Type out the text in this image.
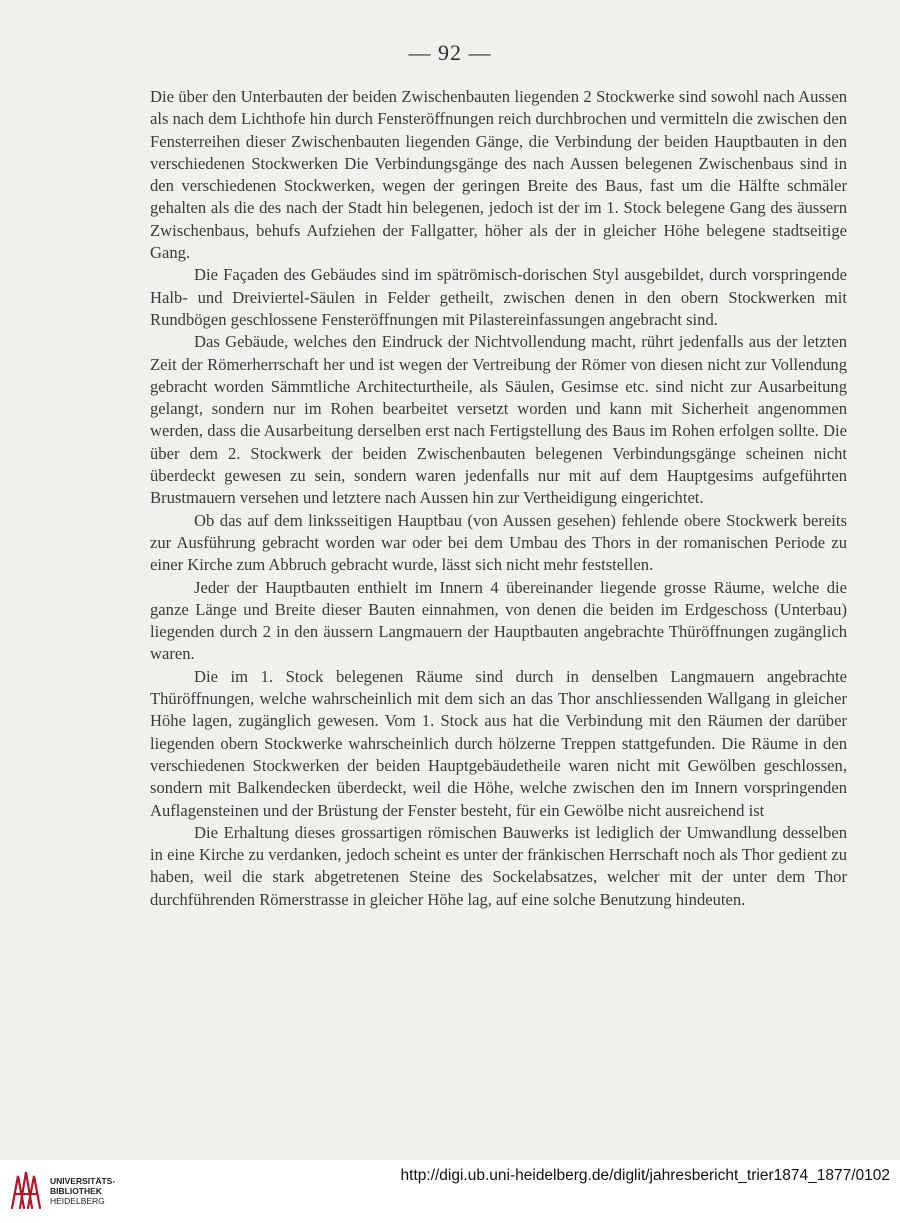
— 92 —

Die über den Unterbauten der beiden Zwischenbauten liegenden 2 Stockwerke sind sowohl nach Aussen als nach dem Lichthofe hin durch Fensteröffnungen reich durchbrochen und vermitteln die zwischen den Fensterreihen dieser Zwischenbauten liegenden Gänge, die Verbindung der beiden Hauptbauten in den verschiedenen Stockwerken Die Verbindungsgänge des nach Aussen belegenen Zwischenbaus sind in den verschiedenen Stockwerken, wegen der geringen Breite des Baus, fast um die Hälfte schmäler gehalten als die des nach der Stadt hin belegenen, jedoch ist der im 1. Stock belegene Gang des äussern Zwischenbaus, behufs Aufziehen der Fallgatter, höher als der in gleicher Höhe belegene stadtseitige Gang.

Die Façaden des Gebäudes sind im spätrömisch-dorischen Styl ausgebildet, durch vorspringende Halb- und Dreiviertel-Säulen in Felder getheilt, zwischen denen in den obern Stockwerken mit Rundbögen geschlossene Fensteröffnungen mit Pilastereinfassungen angebracht sind.

Das Gebäude, welches den Eindruck der Nichtvollendung macht, rührt jedenfalls aus der letzten Zeit der Römerherrschaft her und ist wegen der Vertreibung der Römer von diesen nicht zur Vollendung gebracht worden Sämmtliche Architecturtheile, als Säulen, Gesimse etc. sind nicht zur Ausarbeitung gelangt, sondern nur im Rohen bearbeitet versetzt worden und kann mit Sicherheit angenommen werden, dass die Ausarbeitung derselben erst nach Fertigstellung des Baus im Rohen erfolgen sollte. Die über dem 2. Stockwerk der beiden Zwischenbauten belegenen Verbindungsgänge scheinen nicht überdeckt gewesen zu sein, sondern waren jedenfalls nur mit auf dem Hauptgesims aufgeführten Brustmauern versehen und letztere nach Aussen hin zur Vertheidigung eingerichtet.

Ob das auf dem linksseitigen Hauptbau (von Aussen gesehen) fehlende obere Stockwerk bereits zur Ausführung gebracht worden war oder bei dem Umbau des Thors in der romanischen Periode zu einer Kirche zum Abbruch gebracht wurde, lässt sich nicht mehr feststellen.

Jeder der Hauptbauten enthielt im Innern 4 übereinander liegende grosse Räume, welche die ganze Länge und Breite dieser Bauten einnahmen, von denen die beiden im Erdgeschoss (Unterbau) liegenden durch 2 in den äussern Langmauern der Hauptbauten angebrachte Thüröffnungen zugänglich waren.

Die im 1. Stock belegenen Räume sind durch in denselben Langmauern angebrachte Thüröffnungen, welche wahrscheinlich mit dem sich an das Thor anschliessenden Wallgang in gleicher Höhe lagen, zugänglich gewesen. Vom 1. Stock aus hat die Verbindung mit den Räumen der darüber liegenden obern Stockwerke wahrscheinlich durch hölzerne Treppen stattgefunden. Die Räume in den verschiedenen Stockwerken der beiden Hauptgebäudetheile waren nicht mit Gewölben geschlossen, sondern mit Balkendecken überdeckt, weil die Höhe, welche zwischen den im Innern vorspringenden Auflagensteinen und der Brüstung der Fenster besteht, für ein Gewölbe nicht ausreichend ist

Die Erhaltung dieses grossartigen römischen Bauwerks ist lediglich der Umwandlung desselben in eine Kirche zu verdanken, jedoch scheint es unter der fränkischen Herrschaft noch als Thor gedient zu haben, weil die stark abgetretenen Steine des Sockelabsatzes, welcher mit der unter dem Thor durchführenden Römerstrasse in gleicher Höhe lag, auf eine solche Benutzung hindeuten.

UNIVERSITÄTS-
BIBLIOTHEK
HEIDELBERG
http://digi.ub.uni-heidelberg.de/diglit/jahresbericht_trier1874_1877/0102
